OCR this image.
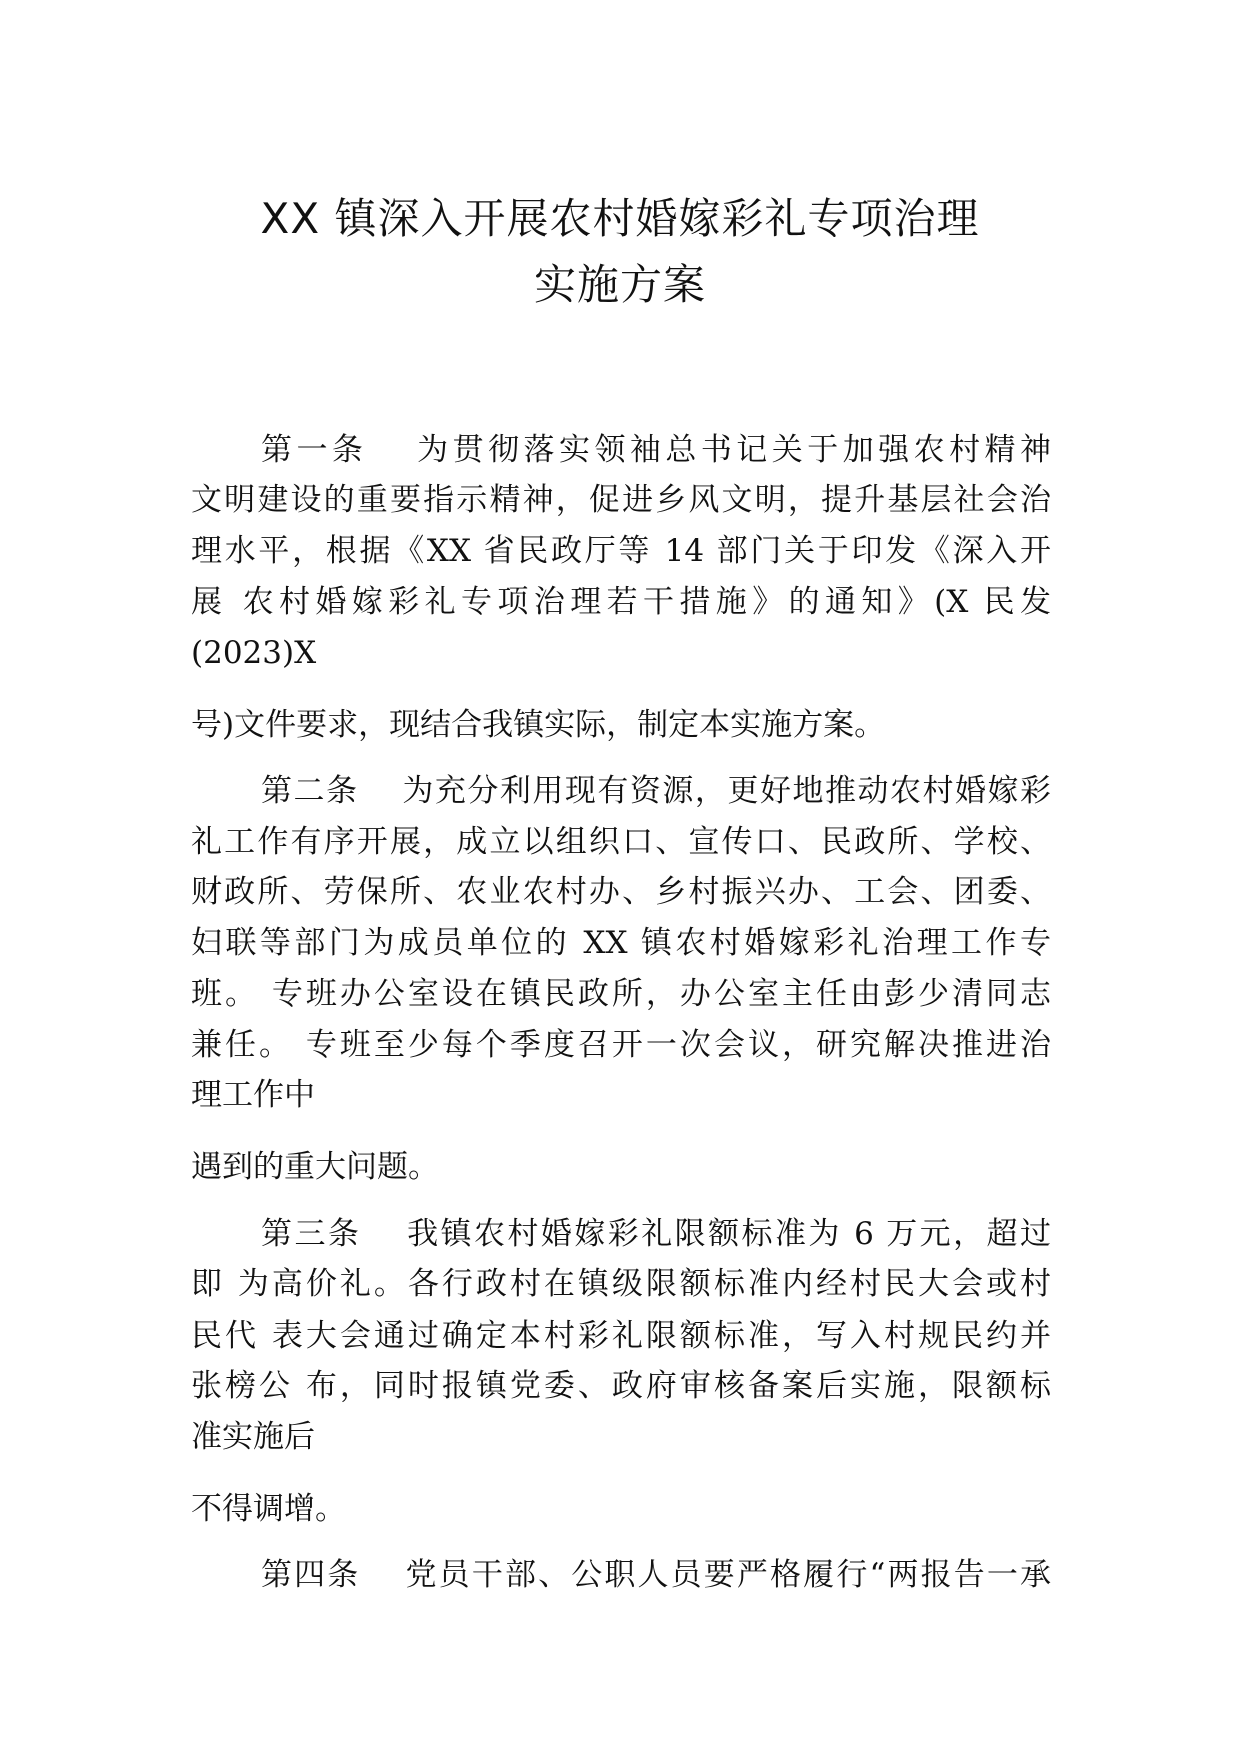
XX 镇深入开展农村婚嫁彩礼专项治理
实施方案
第一条　 为贯彻落实领袖总书记关于加强农村精神
文明建设的重要指示精神，促进乡风文明，提升基层社会治
理水平，根据《XX 省民政厅等 14 部门关于印发《深入开
展 农村婚嫁彩礼专项治理若干措施》的通知》(X 民发
(2023)X
号)文件要求，现结合我镇实际，制定本实施方案。
第二条　 为充分利用现有资源，更好地推动农村婚嫁彩
礼工作有序开展，成立以组织口、宣传口、民政所、学校、
财政所、劳保所、农业农村办、乡村振兴办、工会、团委、
妇联等部门为成员单位的 XX 镇农村婚嫁彩礼治理工作专
班。 专班办公室设在镇民政所，办公室主任由彭少清同志
兼任。 专班至少每个季度召开一次会议，研究解决推进治
理工作中
遇到的重大问题。
第三条　 我镇农村婚嫁彩礼限额标准为 6 万元，超过
即 为高价礼。各行政村在镇级限额标准内经村民大会或村
民代 表大会通过确定本村彩礼限额标准，写入村规民约并
张榜公 布，同时报镇党委、政府审核备案后实施，限额标
准实施后
不得调增。
第四条　 党员干部、公职人员要严格履行“两报告一承
